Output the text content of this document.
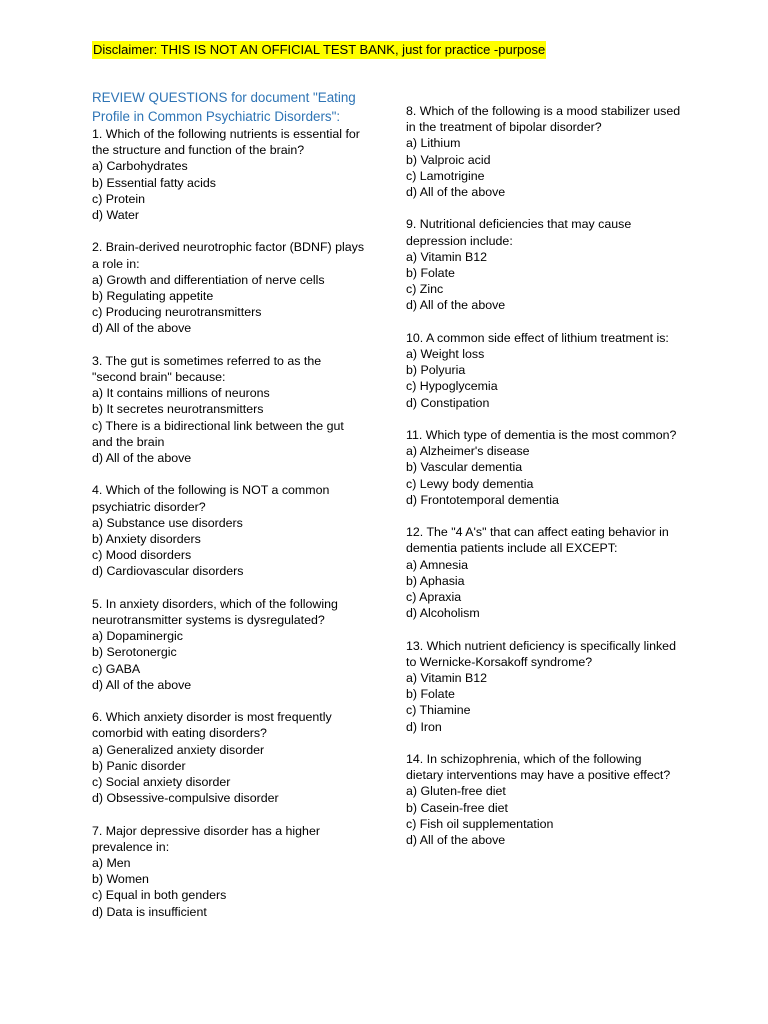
Disclaimer: THIS IS NOT AN OFFICIAL TEST BANK, just for practice -purpose

REVIEW QUESTIONS for document "Eating Profile in Common Psychiatric Disorders":

1. Which of the following nutrients is essential for the structure and function of the brain?

a) Carbohydrates

b) Essential fatty acids

c) Protein

d) Water

2. Brain-derived neurotrophic factor (BDNF) plays a role in:

a) Growth and differentiation of nerve cells

b) Regulating appetite

c) Producing neurotransmitters

d) All of the above

3. The gut is sometimes referred to as the "second brain" because:

a) It contains millions of neurons

b) It secretes neurotransmitters

c) There is a bidirectional link between the gut and the brain

d) All of the above

4. Which of the following is NOT a common psychiatric disorder?

a) Substance use disorders

b) Anxiety disorders

c) Mood disorders

d) Cardiovascular disorders

5. In anxiety disorders, which of the following neurotransmitter systems is dysregulated?

a) Dopaminergic

b) Serotonergic

c) GABA

d) All of the above

6. Which anxiety disorder is most frequently comorbid with eating disorders?

a) Generalized anxiety disorder

b) Panic disorder

c) Social anxiety disorder

d) Obsessive-compulsive disorder

7. Major depressive disorder has a higher prevalence in:

a) Men

b) Women

c) Equal in both genders

d) Data is insufficient

8. Which of the following is a mood stabilizer used in the treatment of bipolar disorder?

a) Lithium

b) Valproic acid

c) Lamotrigine

d) All of the above

9. Nutritional deficiencies that may cause depression include:

a) Vitamin B12

b) Folate

c) Zinc

d) All of the above

10. A common side effect of lithium treatment is:

a) Weight loss

b) Polyuria

c) Hypoglycemia

d) Constipation

11. Which type of dementia is the most common?

a) Alzheimer's disease

b) Vascular dementia

c) Lewy body dementia

d) Frontotemporal dementia

12. The "4 A's" that can affect eating behavior in dementia patients include all EXCEPT:

a) Amnesia

b) Aphasia

c) Apraxia

d) Alcoholism

13. Which nutrient deficiency is specifically linked to Wernicke-Korsakoff syndrome?

a) Vitamin B12

b) Folate

c) Thiamine

d) Iron

14. In schizophrenia, which of the following dietary interventions may have a positive effect?

a) Gluten-free diet

b) Casein-free diet

c) Fish oil supplementation

d) All of the above
